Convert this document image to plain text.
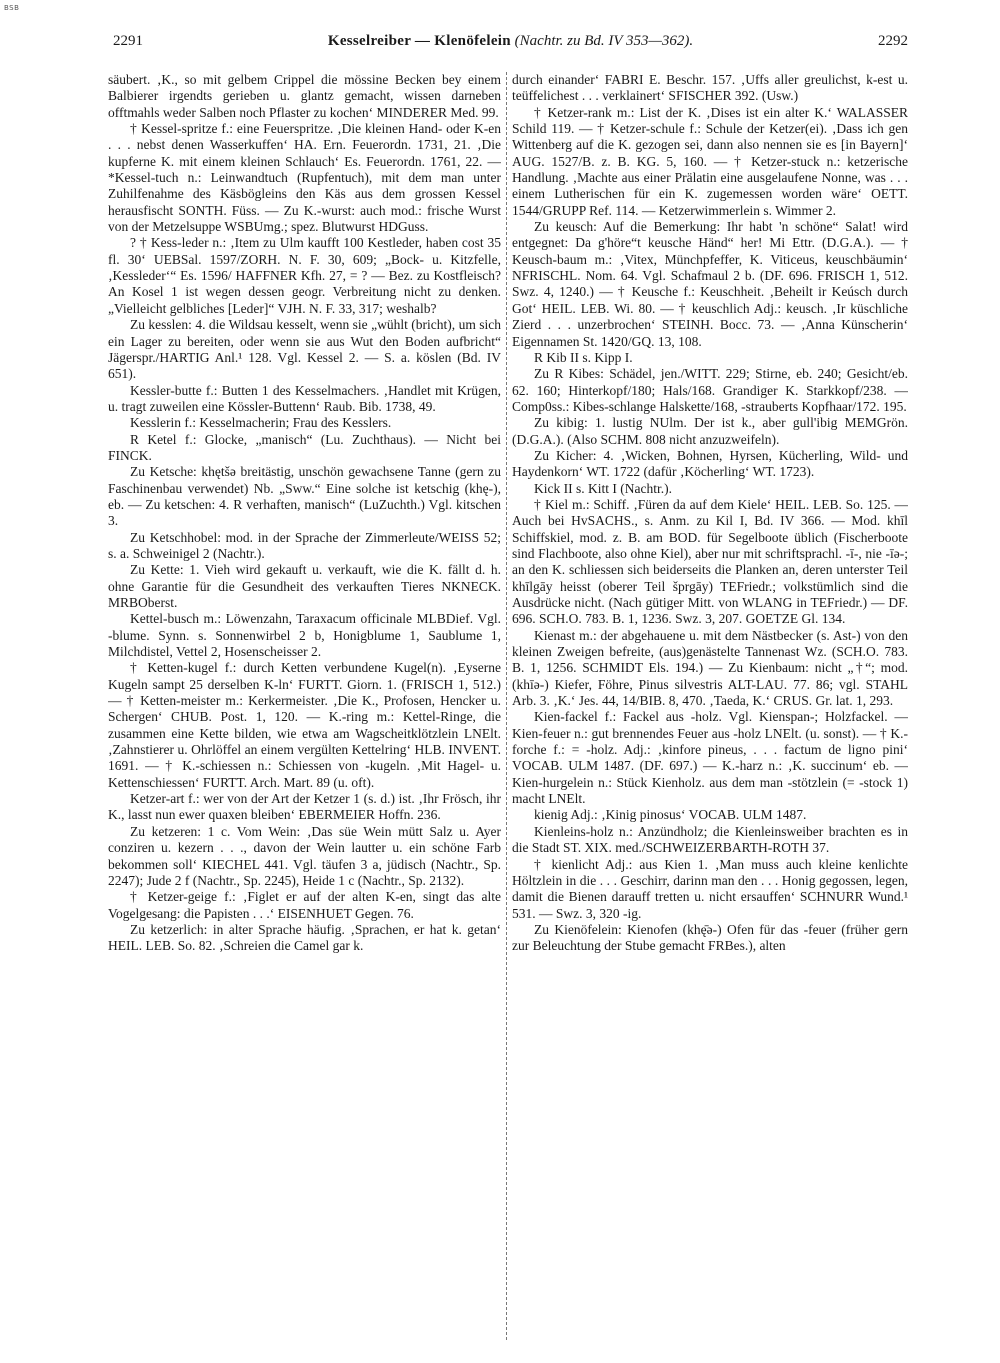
BSB
2291	Kesselreiber — Klenöfelein (Nachtr. zu Bd. IV 353—362).	2292

säubert. ‚K., so mit gelbem Crippel die mössine Becken bey einem Balbierer irgendts gerieben u. glantz gemacht, wissen darneben offtmahls weder Salben noch Pflaster zu kochen‘ MINDERER Med. 99.

† Kessel-spritze f.: eine Feuerspritze. ‚Die kleinen Hand- oder K-en . . . nebst denen Wasserkuffen‘ HA. Ern. Feuerordn. 1731, 21. ‚Die kupferne K. mit einem kleinen Schlauch‘ Es. Feuerordn. 1761, 22. — *Kessel-tuch n.: Leinwandtuch (Rupfentuch), mit dem man unter Zuhilfenahme des Käsbögleins den Käs aus dem grossen Kessel herausfischt SONTH. Füss. — Zu K.-wurst: auch mod.: frische Wurst von der Metzelsuppe WSBUmg.; spez. Blutwurst HDGuss.

? † Kess-leder n.: ‚Item zu Ulm kaufft 100 Kestleder, haben cost 35 fl. 30‘ UEBSal. 1597/ZORH. N. F. 30, 609; „Bock- u. Kitzfelle, ‚Kessleder‘“ Es. 1596/ HAFFNER Kfh. 27, = ? — Bez. zu Kostfleisch? An Kosel 1 ist wegen dessen geogr. Verbreitung nicht zu denken. „Vielleicht gelbliches [Leder]“ VJH. N. F. 33, 317; weshalb?

Zu kesslen: 4. die Wildsau kesselt, wenn sie „wühlt (bricht), um sich ein Lager zu bereiten, oder wenn sie aus Wut den Boden aufbricht“ Jägerspr./HARTIG Anl.¹ 128. Vgl. Kessel 2. — S. a. köslen (Bd. IV 651).

Kessler-butte f.: Butten 1 des Kesselmachers. ‚Handlet mit Krügen, u. tragt zuweilen eine Kössler-Buttenn‘ Raub. Bib. 1738, 49.

Kesslerin f.: Kesselmacherin; Frau des Kesslers.

R Ketel f.: Glocke, „manisch“ (Lu. Zuchthaus). — Nicht bei FINCK.

Zu Ketsche: khętšə breitästig, unschön gewachsene Tanne (gern zu Faschinenbau verwendet) Nb. „Sww.“ Eine solche ist ketschig (khę-), eb. — Zu ketschen: 4. R verhaften, manisch“ (LuZuchth.) Vgl. kitschen 3.

Zu Ketschhobel: mod. in der Sprache der Zimmerleute/WEISS 52; s. a. Schweinigel 2 (Nachtr.).

Zu Kette: 1. Vieh wird gekauft u. verkauft, wie die K. fällt d. h. ohne Garantie für die Gesundheit des verkauften Tieres NKNECK. MRBOberst.

Kettel-busch m.: Löwenzahn, Taraxacum officinale MLBDief. Vgl. -blume. Synn. s. Sonnenwirbel 2 b, Honigblume 1, Saublume 1, Milchdistel, Vettel 2, Hosenscheisser 2.

† Ketten-kugel f.: durch Ketten verbundene Kugel(n). ‚Eyserne Kugeln sampt 25 derselben K-ln‘ FURTT. Giorn. 1. (FRISCH 1, 512.) — † Ketten-meister m.: Kerkermeister. ‚Die K., Profosen, Hencker u. Schergen‘ CHUB. Post. 1, 120. — K.-ring m.: Kettel-Ringe, die zusammen eine Kette bilden, wie etwa am Wagscheitklötzlein LNElt. ‚Zahnstierer u. Ohrlöffel an einem vergülten Kettelring‘ HLB. INVENT. 1691. — † K.-schiessen n.: Schiessen von -kugeln. ‚Mit Hagel- u. Kettenschiessen‘ FURTT. Arch. Mart. 89 (u. oft).

Ketzer-art f.: wer von der Art der Ketzer 1 (s. d.) ist. ‚Ihr Frösch, ihr K., lasst nun ewer quaxen bleiben‘ EBERMEIER Hoffn. 236.

Zu ketzeren: 1 c. Vom Wein: ‚Das süe Wein mütt Salz u. Ayer conziren u. kezern . . ., davon der Wein lautter u. ein schöne Farb bekommen soll‘ KIECHEL 441. Vgl. täufen 3 a, jüdisch (Nachtr., Sp. 2247); Jude 2 f (Nachtr., Sp. 2245), Heide 1 c (Nachtr., Sp. 2132).

† Ketzer-geige f.: ‚Figlet er auf der alten K-en, singt das alte Vogelgesang: die Papisten . . .‘ EISENHUET Gegen. 76.

Zu ketzerlich: in alter Sprache häufig. ‚Sprachen, er hat k. getan‘ HEIL. LEB. So. 82. ‚Schreien die Camel gar k.

durch einander‘ FABRI E. Beschr. 157. ‚Uffs aller greulichst, k-est u. teüffelichest . . . verklainert‘ SFISCHER 392. (Usw.)

† Ketzer-rank m.: List der K. ‚Dises ist ein alter K.‘ WALASSER Schild 119. — † Ketzer-schule f.: Schule der Ketzer(ei). ‚Dass ich gen Wittenberg auf die K. gezogen sei, dann also nennen sie es [in Bayern]‘ AUG. 1527/B. z. B. KG. 5, 160. — † Ketzer-stuck n.: ketzerische Handlung. ‚Machte aus einer Prälatin eine ausgelaufene Nonne, was . . . einem Lutherischen für ein K. zugemessen worden wäre‘ OETT. 1544/GRUPP Ref. 114. — Ketzerwimmerlein s. Wimmer 2.

Zu keusch: Auf die Bemerkung: Ihr habt 'n schöne“ Salat! wird entgegnet: Da g'höre“t keusche Händ“ her! Mi Ettr. (D.G.A.). — † Keusch-baum m.: ‚Vitex, Münchpfeffer, K. Viticeus, keuschbäumin‘ NFRISCHL. Nom. 64. Vgl. Schafmaul 2 b. (DF. 696. FRISCH 1, 512. Swz. 4, 1240.) — † Keusche f.: Keuschheit. ‚Beheilt ir Keúsch durch Got‘ HEIL. LEB. Wi. 80. — † keuschlich Adj.: keusch. ‚Ir küschliche Zierd . . . unzerbrochen‘ STEINH. Bocc. 73. — ‚Anna Künscherin‘ Eigennamen St. 1420/GQ. 13, 108.

R Kib II s. Kipp I.

Zu R Kibes: Schädel, jen./WITT. 229; Stirne, eb. 240; Gesicht/eb. 62. 160; Hinterkopf/180; Hals/168. Grandiger K. Starkkopf/238. — Comp0ss.: Kibes-schlange Halskette/168, -strauberts Kopfhaar/172. 195.

Zu kibig: 1. lustig NUlm. Der ist k., aber gull'ibig MEMGrön. (D.G.A.). (Also SCHM. 808 nicht anzuzweifeln).

Zu Kicher: 4. ‚Wicken, Bohnen, Hyrsen, Kücherling, Wild- und Haydenkorn‘ WT. 1722 (dafür ‚Köcherling‘ WT. 1723).

Kick II s. Kitt I (Nachtr.).

† Kiel m.: Schiff. ‚Füren da auf dem Kiele‘ HEIL. LEB. So. 125. — Auch bei HvSACHS., s. Anm. zu Kil I, Bd. IV 366. — Mod. khīl Schiffskiel, mod. z. B. am BOD. für Segelboote üblich (Fischerboote sind Flachboote, also ohne Kiel), aber nur mit schriftsprachl. -ī-, nie -īə-; an den K. schliessen sich beiderseits die Planken an, deren unterster Teil khīlgāy heisst (oberer Teil šprgāy) TEFriedr.; volkstümlich sind die Ausdrücke nicht. (Nach gütiger Mitt. von WLANG in TEFriedr.) — DF. 696. SCH.O. 783. B. 1, 1236. Swz. 3, 207. GOETZE Gl. 134.

Kienast m.: der abgehauene u. mit dem Nästbecker (s. Ast-) von den kleinen Zweigen befreite, (aus)genästelte Tannenast Wz. (SCH.O. 783. B. 1, 1256. SCHMIDT Els. 194.) — Zu Kienbaum: nicht „†“; mod. (khīə-) Kiefer, Föhre, Pinus silvestris ALT-LAU. 77. 86; vgl. STAHL Arb. 3. ‚K.‘ Jes. 44, 14/BIB. 8, 470. ‚Taeda, K.‘ CRUS. Gr. lat. 1, 293.

Kien-fackel f.: Fackel aus -holz. Vgl. Kienspan-; Holzfackel. — Kien-feuer n.: gut brennendes Feuer aus -holz LNElt. (u. sonst). — † K.-forche f.: = -holz. Adj.: ‚kinfore pineus, . . . factum de ligno pini‘ VOCAB. ULM 1487. (DF. 697.) — K.-harz n.: ‚K. succinum‘ eb. — Kien-hurgelein n.: Stück Kienholz. aus dem man -stötzlein (= -stock 1) macht LNElt.

kienig Adj.: ‚Kinig pinosus‘ VOCAB. ULM 1487.

Kienleins-holz n.: Anzündholz; die Kienleinsweiber brachten es in die Stadt ST. XIX. med./SCHWEIZERBARTH-ROTH 37.

† kienlicht Adj.: aus Kien 1. ‚Man muss auch kleine kenlichte Höltzlein in die . . . Geschirr, darinn man den . . . Honig gegossen, legen, damit die Bienen darauff tretten u. nicht ersauffen‘ SCHNURR Wund.¹ 531. — Swz. 3, 320 -ig.

Zu Kienöfelein: Kienofen (khę̄ə-) Ofen für das -feuer (früher gern zur Beleuchtung der Stube gemacht FRBes.), alten
